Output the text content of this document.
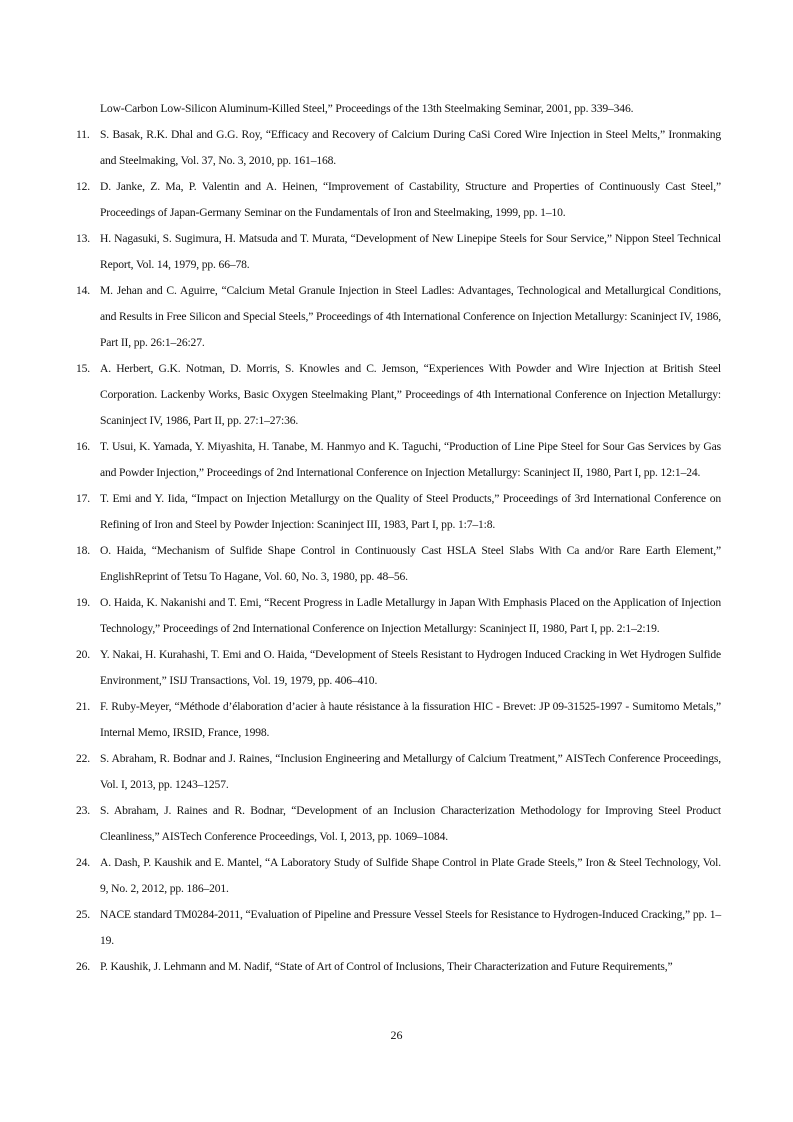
Low-Carbon Low-Silicon Aluminum-Killed Steel,” Proceedings of the 13th Steelmaking Seminar, 2001, pp. 339–346.
11. S. Basak, R.K. Dhal and G.G. Roy, “Efficacy and Recovery of Calcium During CaSi Cored Wire Injection in Steel Melts,” Ironmaking and Steelmaking, Vol. 37, No. 3, 2010, pp. 161–168.
12. D. Janke, Z. Ma, P. Valentin and A. Heinen, “Improvement of Castability, Structure and Properties of Continuously Cast Steel,” Proceedings of Japan-Germany Seminar on the Fundamentals of Iron and Steelmaking, 1999, pp. 1–10.
13. H. Nagasuki, S. Sugimura, H. Matsuda and T. Murata, “Development of New Linepipe Steels for Sour Service,” Nippon Steel Technical Report, Vol. 14, 1979, pp. 66–78.
14. M. Jehan and C. Aguirre, “Calcium Metal Granule Injection in Steel Ladles: Advantages, Technological and Metallurgical Conditions, and Results in Free Silicon and Special Steels,” Proceedings of 4th International Conference on Injection Metallurgy: Scaninject IV, 1986, Part II, pp. 26:1–26:27.
15. A. Herbert, G.K. Notman, D. Morris, S. Knowles and C. Jemson, “Experiences With Powder and Wire Injection at British Steel Corporation. Lackenby Works, Basic Oxygen Steelmaking Plant,” Proceedings of 4th International Conference on Injection Metallurgy: Scaninject IV, 1986, Part II, pp. 27:1–27:36.
16. T. Usui, K. Yamada, Y. Miyashita, H. Tanabe, M. Hanmyo and K. Taguchi, “Production of Line Pipe Steel for Sour Gas Services by Gas and Powder Injection,” Proceedings of 2nd International Conference on Injection Metallurgy: Scaninject II, 1980, Part I, pp. 12:1–24.
17. T. Emi and Y. Iida, “Impact on Injection Metallurgy on the Quality of Steel Products,” Proceedings of 3rd International Conference on Refining of Iron and Steel by Powder Injection: Scaninject III, 1983, Part I, pp. 1:7–1:8.
18. O. Haida, “Mechanism of Sulfide Shape Control in Continuously Cast HSLA Steel Slabs With Ca and/or Rare Earth Element,” EnglishReprint of Tetsu To Hagane, Vol. 60, No. 3, 1980, pp. 48–56.
19. O. Haida, K. Nakanishi and T. Emi, “Recent Progress in Ladle Metallurgy in Japan With Emphasis Placed on the Application of Injection Technology,” Proceedings of 2nd International Conference on Injection Metallurgy: Scaninject II, 1980, Part I, pp. 2:1–2:19.
20. Y. Nakai, H. Kurahashi, T. Emi and O. Haida, “Development of Steels Resistant to Hydrogen Induced Cracking in Wet Hydrogen Sulfide Environment,” ISIJ Transactions, Vol. 19, 1979, pp. 406–410.
21. F. Ruby-Meyer, “Méthode d’élaboration d’acier à haute résistance à la fissuration HIC - Brevet: JP 09-31525-1997 - Sumitomo Metals,” Internal Memo, IRSID, France, 1998.
22. S. Abraham, R. Bodnar and J. Raines, “Inclusion Engineering and Metallurgy of Calcium Treatment,” AISTech Conference Proceedings, Vol. I, 2013, pp. 1243–1257.
23. S. Abraham, J. Raines and R. Bodnar, “Development of an Inclusion Characterization Methodology for Improving Steel Product Cleanliness,” AISTech Conference Proceedings, Vol. I, 2013, pp. 1069–1084.
24. A. Dash, P. Kaushik and E. Mantel, “A Laboratory Study of Sulfide Shape Control in Plate Grade Steels,” Iron & Steel Technology, Vol. 9, No. 2, 2012, pp. 186–201.
25. NACE standard TM0284-2011, “Evaluation of Pipeline and Pressure Vessel Steels for Resistance to Hydrogen-Induced Cracking,” pp. 1–19.
26. P. Kaushik, J. Lehmann and M. Nadif, “State of Art of Control of Inclusions, Their Characterization and Future Requirements,”
26
